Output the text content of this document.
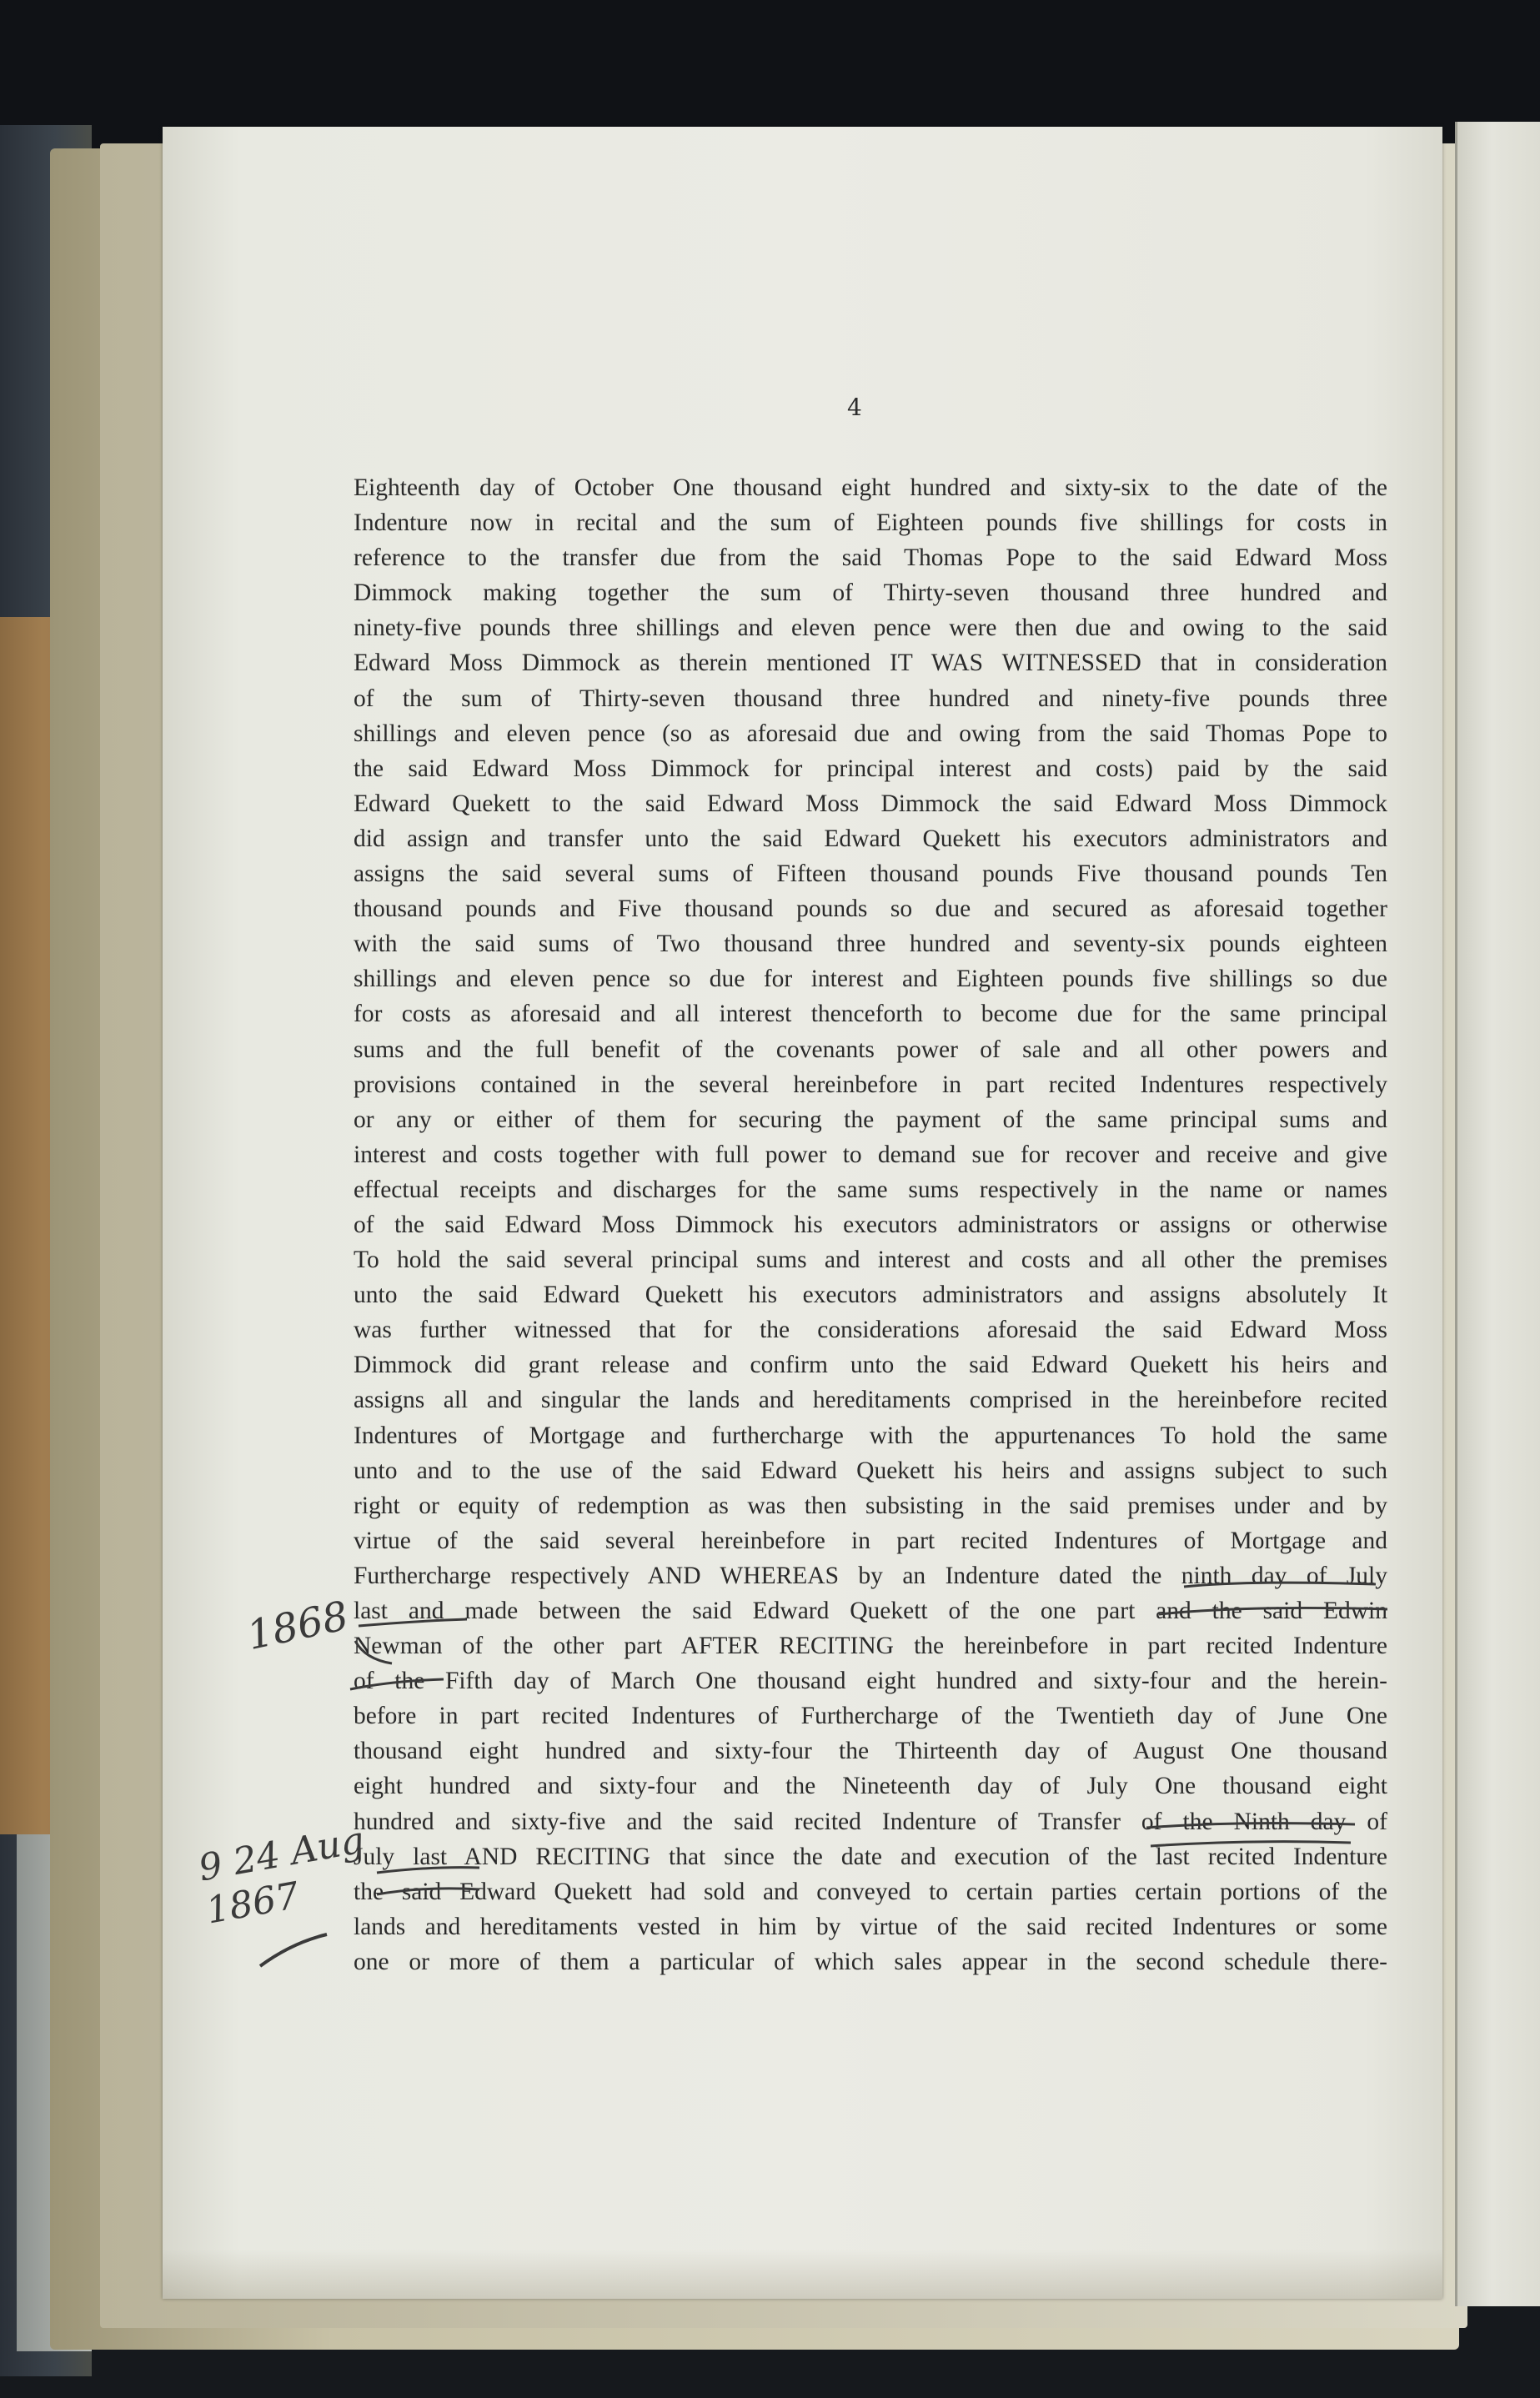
4
Eighteenth day of October One thousand eight hundred and sixty-six to the date of the
Indenture now in recital and the sum of Eighteen pounds five shillings for costs in
reference to the transfer due from the said Thomas Pope to the said Edward Moss
Dimmock making together the sum of Thirty-seven thousand three hundred and
ninety-five pounds three shillings and eleven pence were then due and owing to the said
Edward Moss Dimmock as therein mentioned IT WAS WITNESSED that in consideration
of the sum of Thirty-seven thousand three hundred and ninety-five pounds three
shillings and eleven pence (so as aforesaid due and owing from the said Thomas Pope to
the said Edward Moss Dimmock for principal interest and costs) paid by the said
Edward Quekett to the said Edward Moss Dimmock the said Edward Moss Dimmock
did assign and transfer unto the said Edward Quekett his executors administrators and
assigns the said several sums of Fifteen thousand pounds Five thousand pounds Ten
thousand pounds and Five thousand pounds so due and secured as aforesaid together
with the said sums of Two thousand three hundred and seventy-six pounds eighteen
shillings and eleven pence so due for interest and Eighteen pounds five shillings so due
for costs as aforesaid and all interest thenceforth to become due for the same principal
sums and the full benefit of the covenants power of sale and all other powers and
provisions contained in the several hereinbefore in part recited Indentures respectively
or any or either of them for securing the payment of the same principal sums and
interest and costs together with full power to demand sue for recover and receive and give
effectual receipts and discharges for the same sums respectively in the name or names
of the said Edward Moss Dimmock his executors administrators or assigns or otherwise
To hold the said several principal sums and interest and costs and all other the premises
unto the said Edward Quekett his executors administrators and assigns absolutely It
was further witnessed that for the considerations aforesaid the said Edward Moss
Dimmock did grant release and confirm unto the said Edward Quekett his heirs and
assigns all and singular the lands and hereditaments comprised in the hereinbefore recited
Indentures of Mortgage and furthercharge with the appurtenances To hold the same
unto and to the use of the said Edward Quekett his heirs and assigns subject to such
right or equity of redemption as was then subsisting in the said premises under and by
virtue of the said several hereinbefore in part recited Indentures of Mortgage and
Furthercharge respectively AND WHEREAS by an Indenture dated the ninth day of July
last and made between the said Edward Quekett of the one part and the said Edwin
Newman of the other part AFTER RECITING the hereinbefore in part recited Indenture
of the Fifth day of March One thousand eight hundred and sixty-four and the herein-
before in part recited Indentures of Furthercharge of the Twentieth day of June One
thousand eight hundred and sixty-four the Thirteenth day of August One thousand
eight hundred and sixty-four and the Nineteenth day of July One thousand eight
hundred and sixty-five and the said recited Indenture of Transfer of the Ninth day of
July last AND RECITING that since the date and execution of the last recited Indenture
the said Edward Quekett had sold and conveyed to certain parties certain portions of the
lands and hereditaments vested in him by virtue of the said recited Indentures or some
one or more of them a particular of which sales appear in the second schedule there-
1868
9 24 Aug
1867
